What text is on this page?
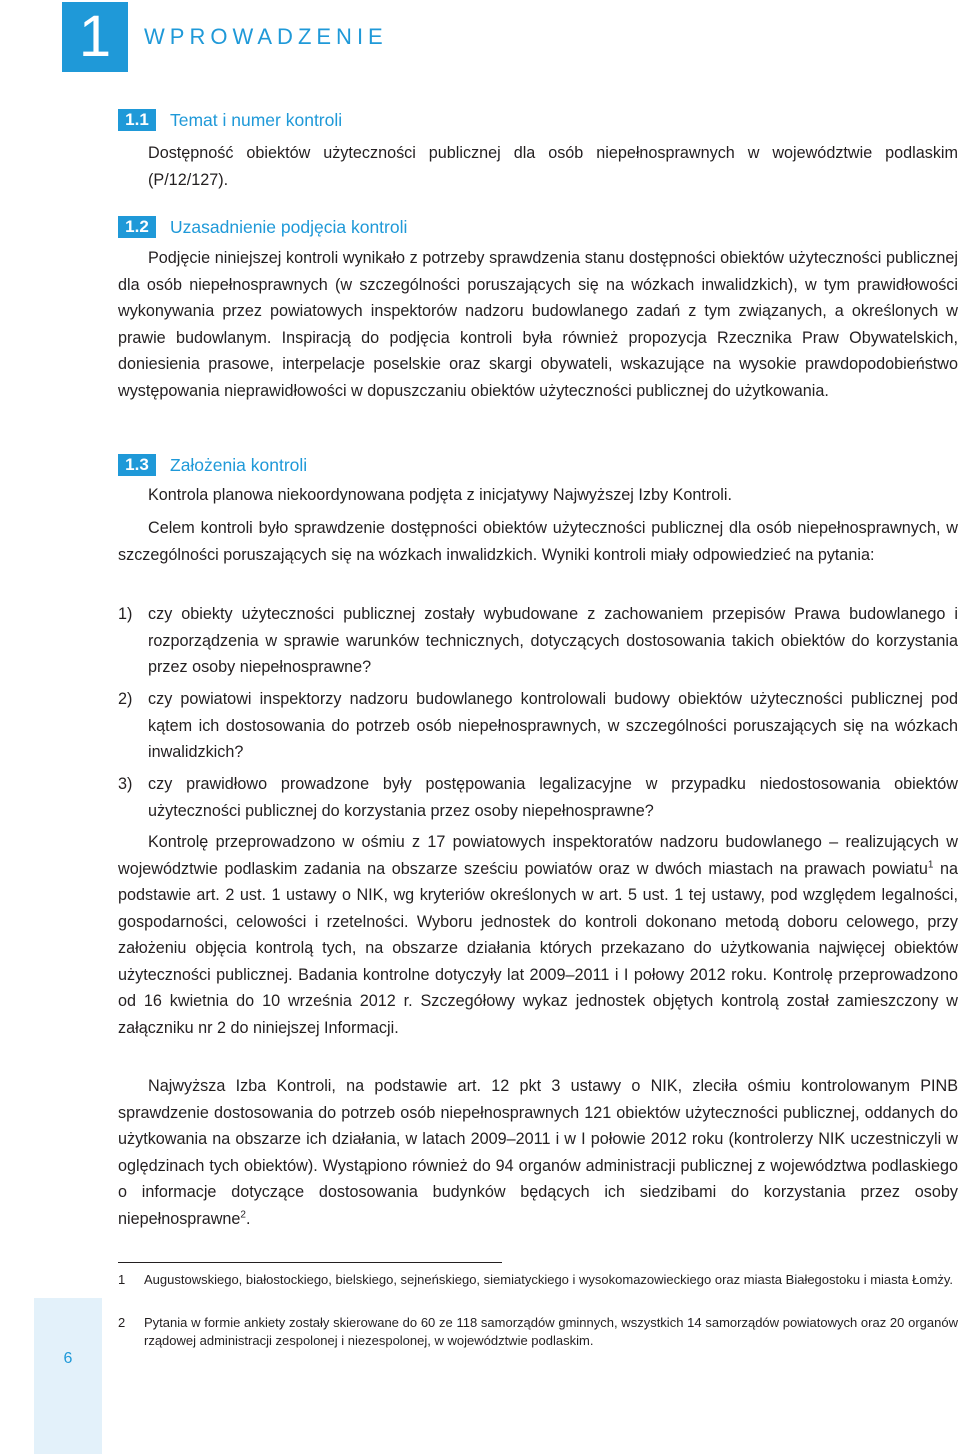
1	WPROWADZENIE
1.1	Temat i numer kontroli
Dostępność obiektów użyteczności publicznej dla osób niepełnosprawnych w województwie podlaskim (P/12/127).
1.2	Uzasadnienie podjęcia kontroli
Podjęcie niniejszej kontroli wynikało z potrzeby sprawdzenia stanu dostępności obiektów użyteczności publicznej dla osób niepełnosprawnych (w szczególności poruszających się na wózkach inwalidzkich), w tym prawidłowości wykonywania przez powiatowych inspektorów nadzoru budowlanego zadań z tym związanych, a określonych w prawie budowlanym. Inspiracją do podjęcia kontroli była również propozycja Rzecznika Praw Obywatelskich, doniesienia prasowe, interpelacje poselskie oraz skargi obywateli, wskazujące na wysokie prawdopodobieństwo występowania nieprawidłowości w dopuszczaniu obiektów użyteczności publicznej do użytkowania.
1.3	Założenia kontroli
Kontrola planowa niekoordynowana podjęta z inicjatywy Najwyższej Izby Kontroli.
Celem kontroli było sprawdzenie dostępności obiektów użyteczności publicznej dla osób niepełnosprawnych, w szczególności poruszających się na wózkach inwalidzkich. Wyniki kontroli miały odpowiedzieć na pytania:
1) czy obiekty użyteczności publicznej zostały wybudowane z zachowaniem przepisów Prawa budowlanego i rozporządzenia w sprawie warunków technicznych, dotyczących dostosowania takich obiektów do korzystania przez osoby niepełnosprawne?
2) czy powiatowi inspektorzy nadzoru budowlanego kontrolowali budowy obiektów użyteczności publicznej pod kątem ich dostosowania do potrzeb osób niepełnosprawnych, w szczególności poruszających się na wózkach inwalidzkich?
3) czy prawidłowo prowadzone były postępowania legalizacyjne w przypadku niedostosowania obiektów użyteczności publicznej do korzystania przez osoby niepełnosprawne?
Kontrolę przeprowadzono w ośmiu z 17 powiatowych inspektoratów nadzoru budowlanego – realizujących w województwie podlaskim zadania na obszarze sześciu powiatów oraz w dwóch miastach na prawach powiatu$^1$ na podstawie art. 2 ust. 1 ustawy o NIK, wg kryteriów określonych w art. 5 ust. 1 tej ustawy, pod względem legalności, gospodarności, celowości i rzetelności. Wyboru jednostek do kontroli dokonano metodą doboru celowego, przy założeniu objęcia kontrolą tych, na obszarze działania których przekazano do użytkowania najwięcej obiektów użyteczności publicznej. Badania kontrolne dotyczyły lat 2009–2011 i I połowy 2012 roku. Kontrolę przeprowadzono od 16 kwietnia do 10 września 2012 r. Szczegółowy wykaz jednostek objętych kontrolą został zamieszczony w załączniku nr 2 do niniejszej Informacji.
Najwyższa Izba Kontroli, na podstawie art. 12 pkt 3 ustawy o NIK, zleciła ośmiu kontrolowanym PINB sprawdzenie dostosowania do potrzeb osób niepełnosprawnych 121 obiektów użyteczności publicznej, oddanych do użytkowania na obszarze ich działania, w latach 2009–2011 i w I połowie 2012 roku (kontrolerzy NIK uczestniczyli w oględzinach tych obiektów). Wystąpiono również do 94 organów administracji publicznej z województwa podlaskiego o informacje dotyczące dostosowania budynków będących ich siedzibami do korzystania przez osoby niepełnosprawne$^2$.
1 Augustowskiego, białostockiego, bielskiego, sejneńskiego, siemiatyckiego i wysokomazowieckiego oraz miasta Białegostoku i miasta Łomży.
2 Pytania w formie ankiety zostały skierowane do 60 ze 118 samorządów gminnych, wszystkich 14 samorządów powiatowych oraz 20 organów rządowej administracji zespolonej i niezespolonej, w województwie podlaskim.
6
